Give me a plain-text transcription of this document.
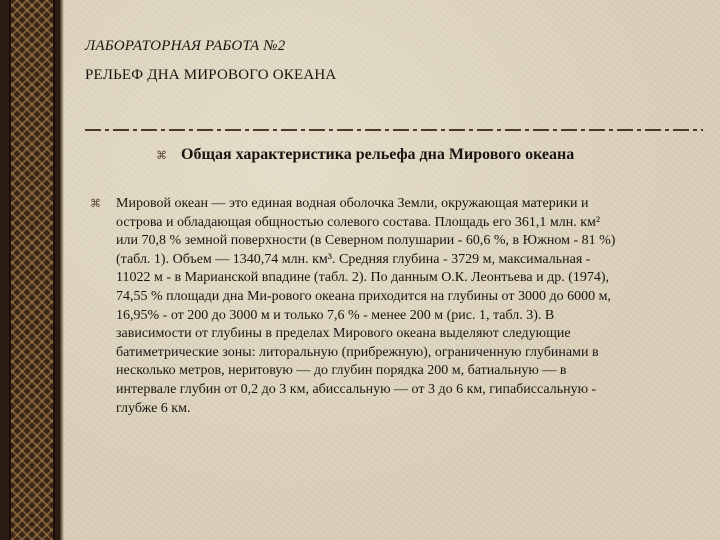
ЛАБОРАТОРНАЯ РАБОТА №2
РЕЛЬЕФ ДНА МИРОВОГО ОКЕАНА
⌘ Общая характеристика рельефа дна Мирового океана
⌘ Мировой океан — это единая водная оболочка Земли, окружающая материки и
острова и обладающая общностью солевого состава. Площадь его 361,1 млн. км²
или 70,8 % земной поверхности (в Северном полушарии - 60,6 %, в Южном - 81 %)
(табл. 1). Объем — 1340,74 млн. км³. Средняя глубина - 3729 м, максимальная -
11022 м - в Марианской впадине (табл. 2). По данным О.К. Леонтьева и др. (1974),
74,55 % площади дна Ми-рового океана приходится на глубины от 3000 до 6000 м,
16,95% - от 200 до 3000 м и только 7,6 % - менее 200 м (рис. 1, табл. 3). В
зависимости от глубины в пределах Мирового океана выделяют следующие
батиметрические зоны: литоральную (прибрежную), ограниченную глубинами в
несколько метров, неритовую — до глубин порядка 200 м, батиальную — в
интервале глубин от 0,2 до 3 км, абиссальную — от 3 до 6 км, гипабиссальную -
глубже 6 км.
